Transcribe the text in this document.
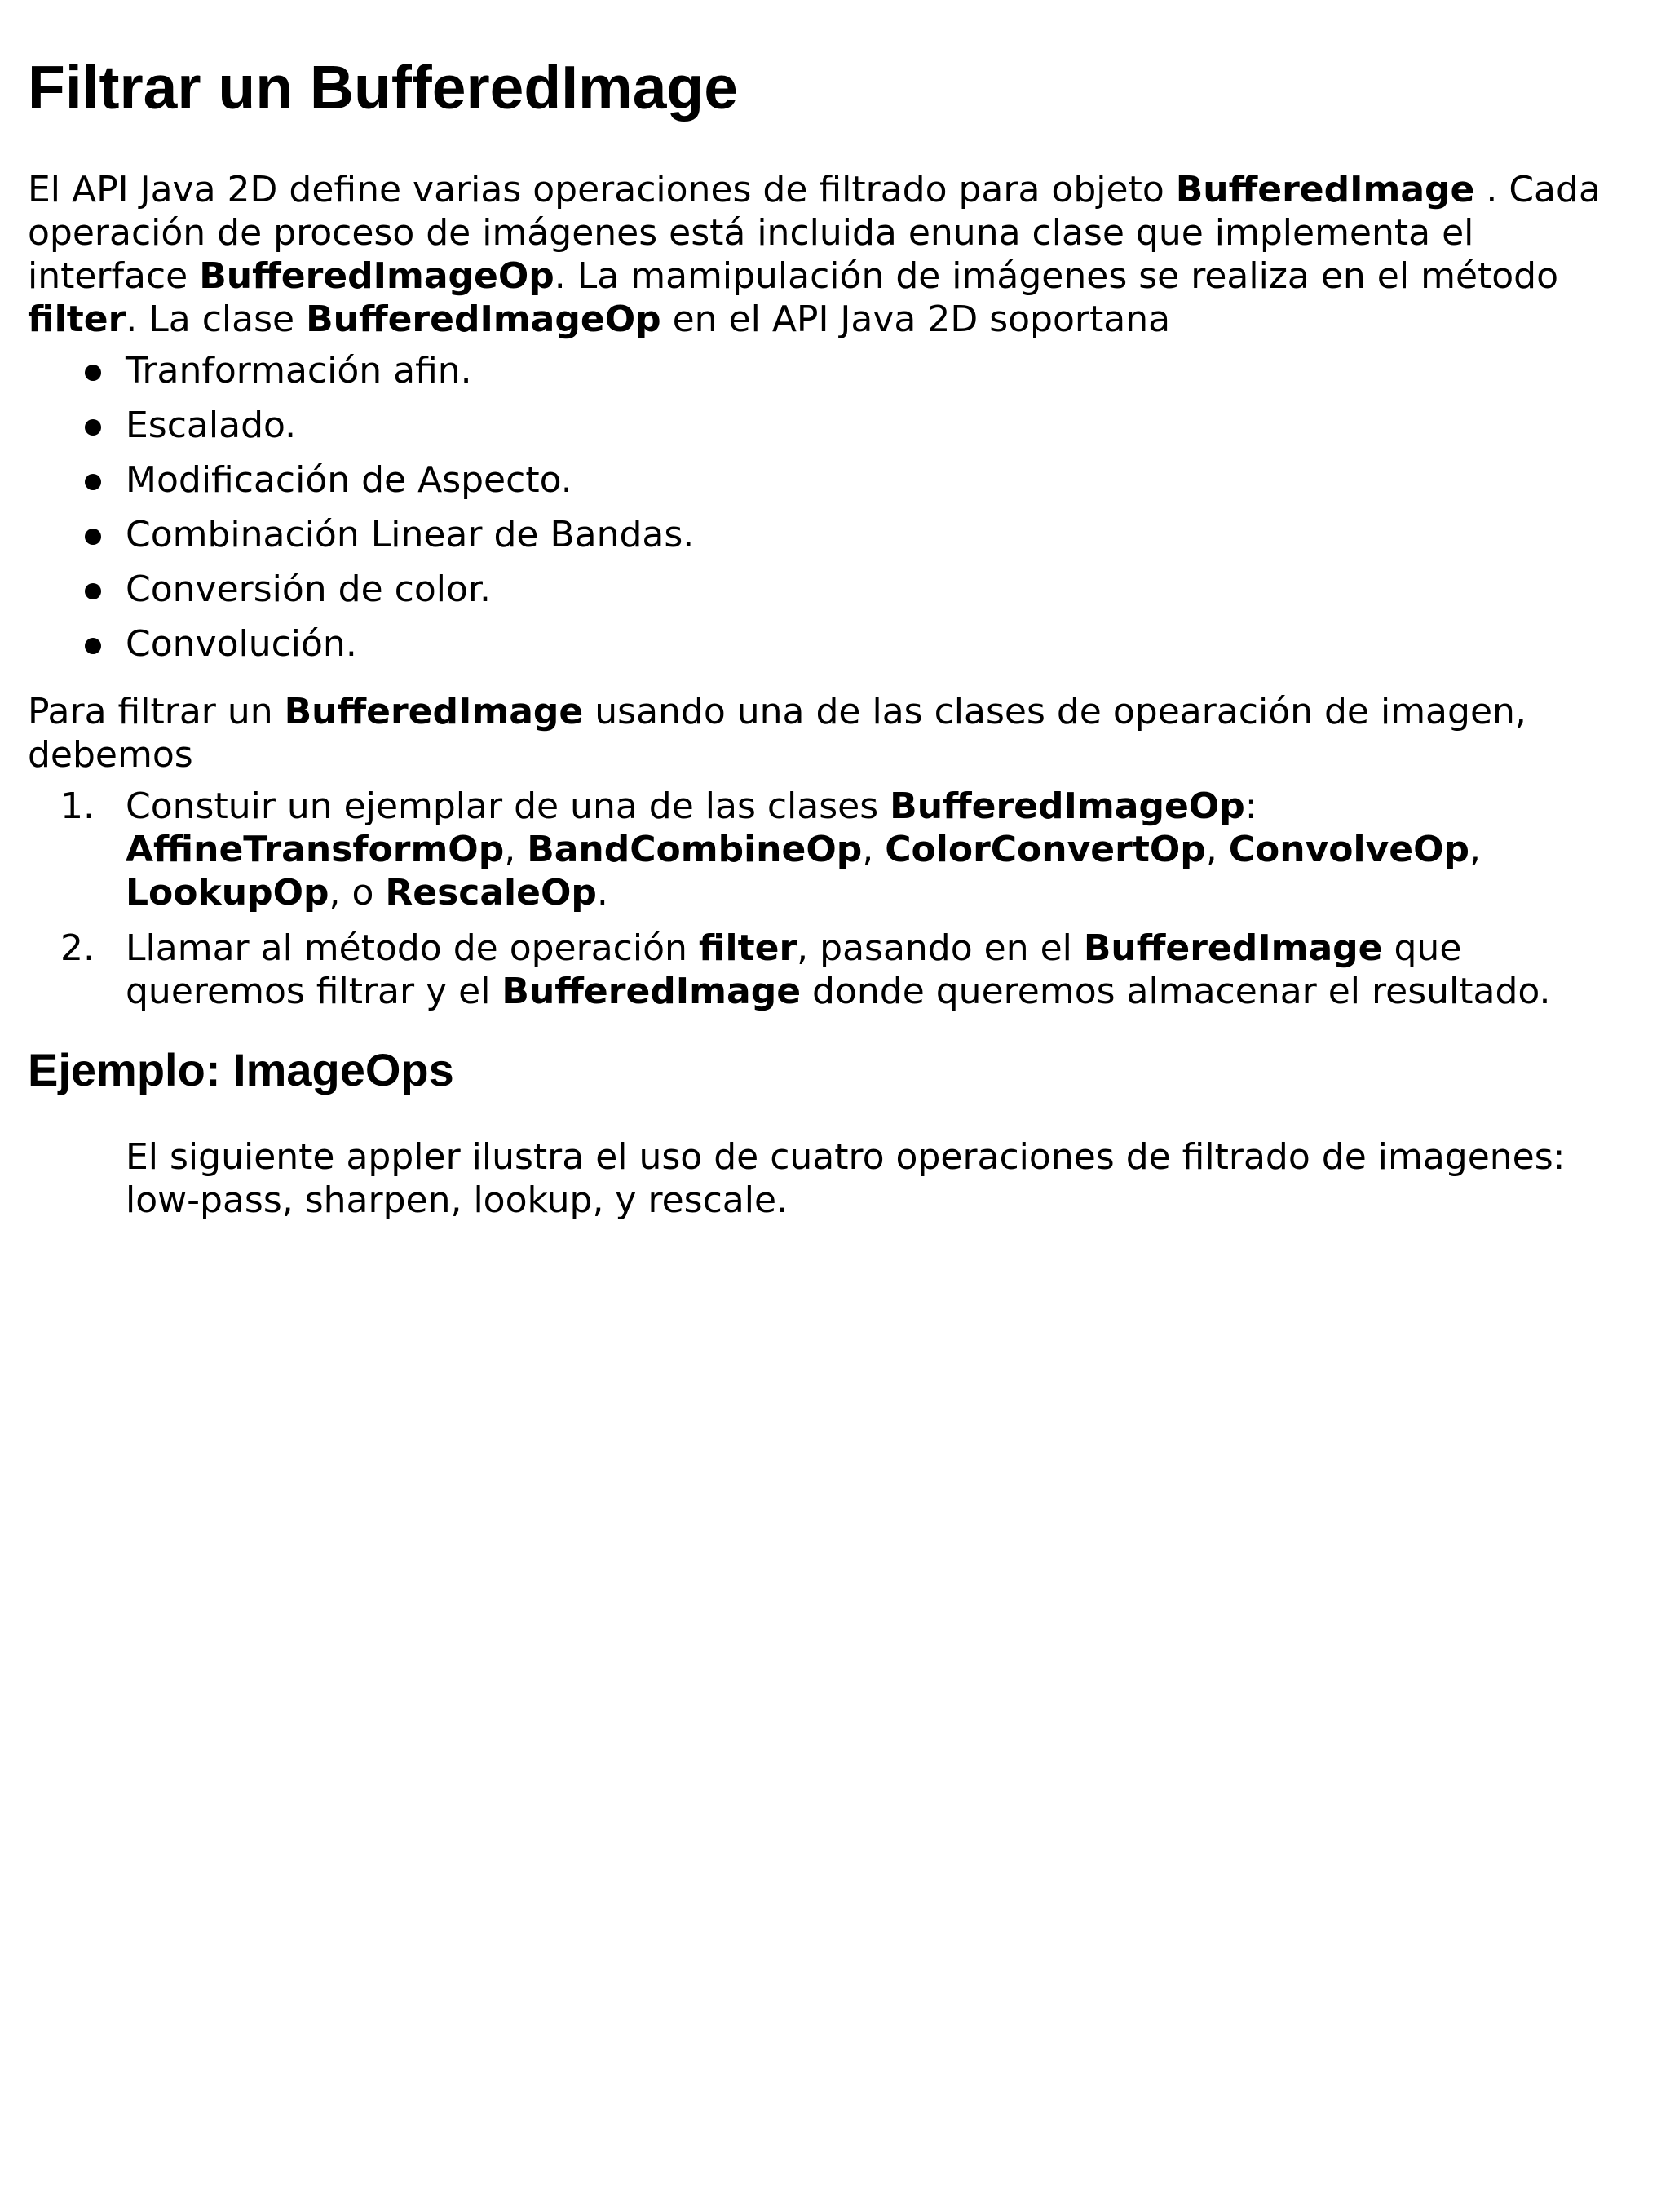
Filtrar un BufferedImage

El API Java 2D define varias operaciones de filtrado para objeto BufferedImage . Cada operación de proceso de imágenes está incluida enuna clase que implementa el interface BufferedImageOp. La mamipulación de imágenes se realiza en el método filter. La clase BufferedImageOp en el API Java 2D soportana

Tranformación afin.
Escalado.
Modificación de Aspecto.
Combinación Linear de Bandas.
Conversión de color.
Convolución.

Para filtrar un BufferedImage usando una de las clases de opearación de imagen, debemos

1. Constuir un ejemplar de una de las clases BufferedImageOp: AffineTransformOp, BandCombineOp, ColorConvertOp, ConvolveOp, LookupOp, o RescaleOp.
2. Llamar al método de operación filter, pasando en el BufferedImage que queremos filtrar y el BufferedImage donde queremos almacenar el resultado.
Ejemplo: ImageOps

El siguiente appler ilustra el uso de cuatro operaciones de filtrado de imagenes: low-pass, sharpen, lookup, y rescale.
